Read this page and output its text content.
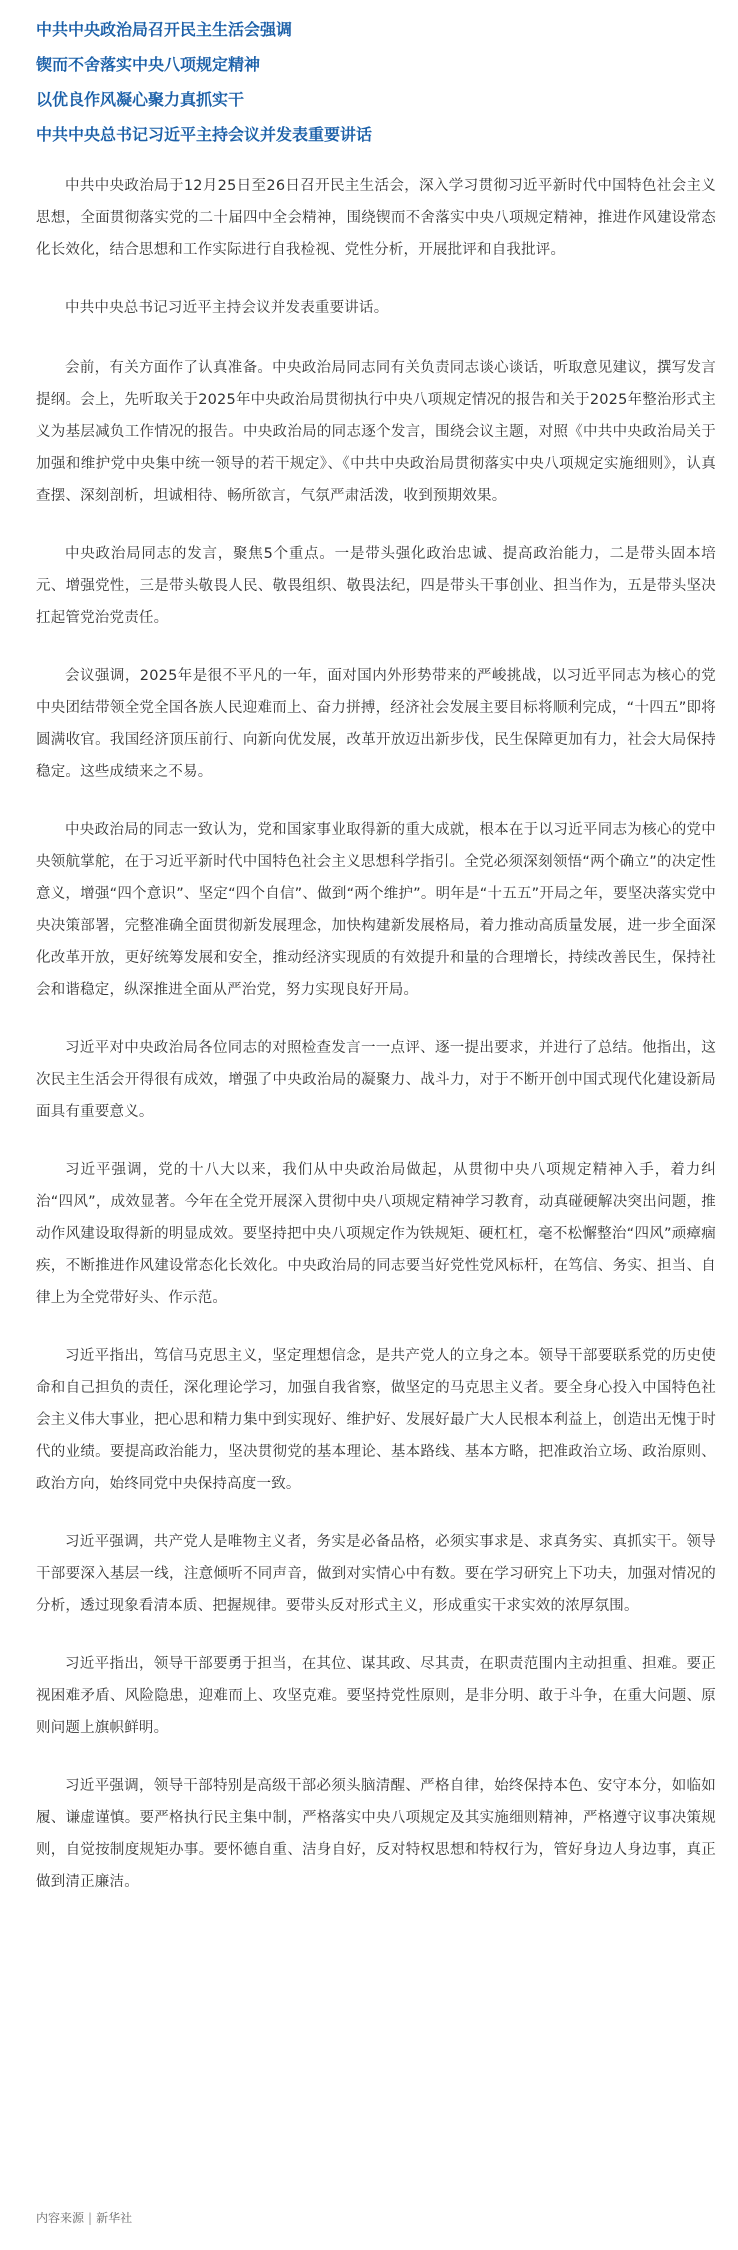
中共中央政治局召开民主生活会强调
锲而不舍落实中央八项规定精神
以优良作风凝心聚力真抓实干
中共中央总书记习近平主持会议并发表重要讲话

中共中央政治局于12月25日至26日召开民主生活会，深入学习贯彻习近平新时代中国特色社会主义思想，全面贯彻落实党的二十届四中全会精神，围绕锲而不舍落实中央八项规定精神，推进作风建设常态化长效化，结合思想和工作实际进行自我检视、党性分析，开展批评和自我批评。

中共中央总书记习近平主持会议并发表重要讲话。

会前，有关方面作了认真准备。中央政治局同志同有关负责同志谈心谈话，听取意见建议，撰写发言提纲。会上，先听取关于2025年中央政治局贯彻执行中央八项规定情况的报告和关于2025年整治形式主义为基层减负工作情况的报告。中央政治局的同志逐个发言，围绕会议主题，对照《中共中央政治局关于加强和维护党中央集中统一领导的若干规定》、《中共中央政治局贯彻落实中央八项规定实施细则》，认真查摆、深刻剖析，坦诚相待、畅所欲言，气氛严肃活泼，收到预期效果。

中央政治局同志的发言，聚焦5个重点。一是带头强化政治忠诚、提高政治能力，二是带头固本培元、增强党性，三是带头敬畏人民、敬畏组织、敬畏法纪，四是带头干事创业、担当作为，五是带头坚决扛起管党治党责任。

会议强调，2025年是很不平凡的一年，面对国内外形势带来的严峻挑战，以习近平同志为核心的党中央团结带领全党全国各族人民迎难而上、奋力拼搏，经济社会发展主要目标将顺利完成，“十四五”即将圆满收官。我国经济顶压前行、向新向优发展，改革开放迈出新步伐，民生保障更加有力，社会大局保持稳定。这些成绩来之不易。

中央政治局的同志一致认为，党和国家事业取得新的重大成就，根本在于以习近平同志为核心的党中央领航掌舵，在于习近平新时代中国特色社会主义思想科学指引。全党必须深刻领悟“两个确立”的决定性意义，增强“四个意识”、坚定“四个自信”、做到“两个维护”。明年是“十五五”开局之年，要坚决落实党中央决策部署，完整准确全面贯彻新发展理念，加快构建新发展格局，着力推动高质量发展，进一步全面深化改革开放，更好统筹发展和安全，推动经济实现质的有效提升和量的合理增长，持续改善民生，保持社会和谐稳定，纵深推进全面从严治党，努力实现良好开局。

习近平对中央政治局各位同志的对照检查发言一一点评、逐一提出要求，并进行了总结。他指出，这次民主生活会开得很有成效，增强了中央政治局的凝聚力、战斗力，对于不断开创中国式现代化建设新局面具有重要意义。

习近平强调，党的十八大以来，我们从中央政治局做起，从贯彻中央八项规定精神入手，着力纠治“四风”，成效显著。今年在全党开展深入贯彻中央八项规定精神学习教育，动真碰硬解决突出问题，推动作风建设取得新的明显成效。要坚持把中央八项规定作为铁规矩、硬杠杠，毫不松懈整治“四风”顽瘴痼疾，不断推进作风建设常态化长效化。中央政治局的同志要当好党性党风标杆，在笃信、务实、担当、自律上为全党带好头、作示范。

习近平指出，笃信马克思主义，坚定理想信念，是共产党人的立身之本。领导干部要联系党的历史使命和自己担负的责任，深化理论学习，加强自我省察，做坚定的马克思主义者。要全身心投入中国特色社会主义伟大事业，把心思和精力集中到实现好、维护好、发展好最广大人民根本利益上，创造出无愧于时代的业绩。要提高政治能力，坚决贯彻党的基本理论、基本路线、基本方略，把准政治立场、政治原则、政治方向，始终同党中央保持高度一致。

习近平强调，共产党人是唯物主义者，务实是必备品格，必须实事求是、求真务实、真抓实干。领导干部要深入基层一线，注意倾听不同声音，做到对实情心中有数。要在学习研究上下功夫，加强对情况的分析，透过现象看清本质、把握规律。要带头反对形式主义，形成重实干求实效的浓厚氛围。

习近平指出，领导干部要勇于担当，在其位、谋其政、尽其责，在职责范围内主动担重、担难。要正视困难矛盾、风险隐患，迎难而上、攻坚克难。要坚持党性原则，是非分明、敢于斗争，在重大问题、原则问题上旗帜鲜明。

习近平强调，领导干部特别是高级干部必须头脑清醒、严格自律，始终保持本色、安守本分，如临如履、谦虚谨慎。要严格执行民主集中制，严格落实中央八项规定及其实施细则精神，严格遵守议事决策规则，自觉按制度规矩办事。要怀德自重、洁身自好，反对特权思想和特权行为，管好身边人身边事，真正做到清正廉洁。

内容来源 | 新华社
